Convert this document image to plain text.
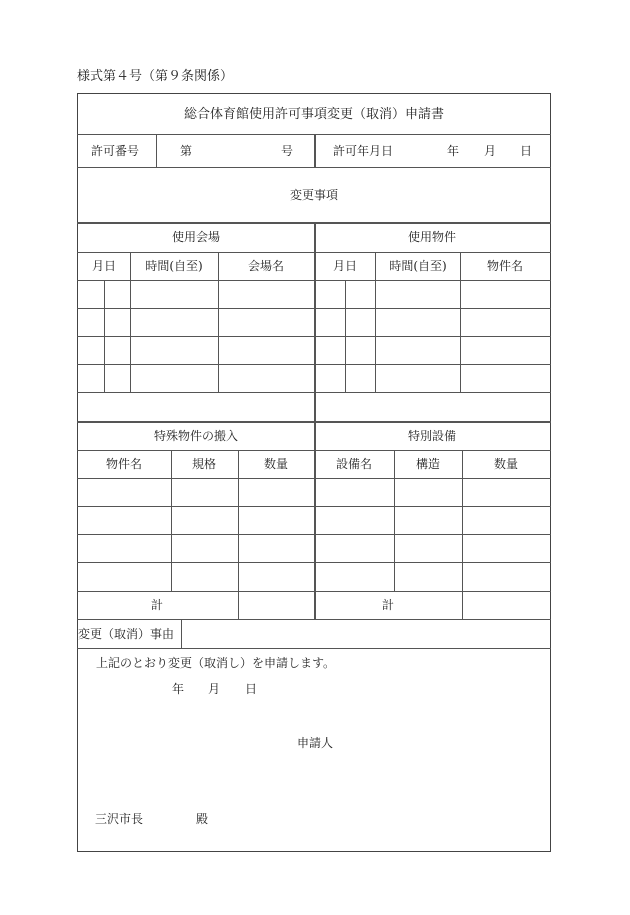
様式第４号（第９条関係）
総合体育館使用許可事項変更（取消）申請書
許可番号	第	号	許可年月日	年 月 日
変更事項
使用会場	使用物件
月日 時間(自至)	会場名	月日	時間(自至)	物件名
特殊物件の搬入	特別設備
物件名	規格	数量	設備名	構造	数量
計	計
変更（取消）事由
上記のとおり変更（取消し）を申請します。
年 月 日
申請人
三沢市長	殿
